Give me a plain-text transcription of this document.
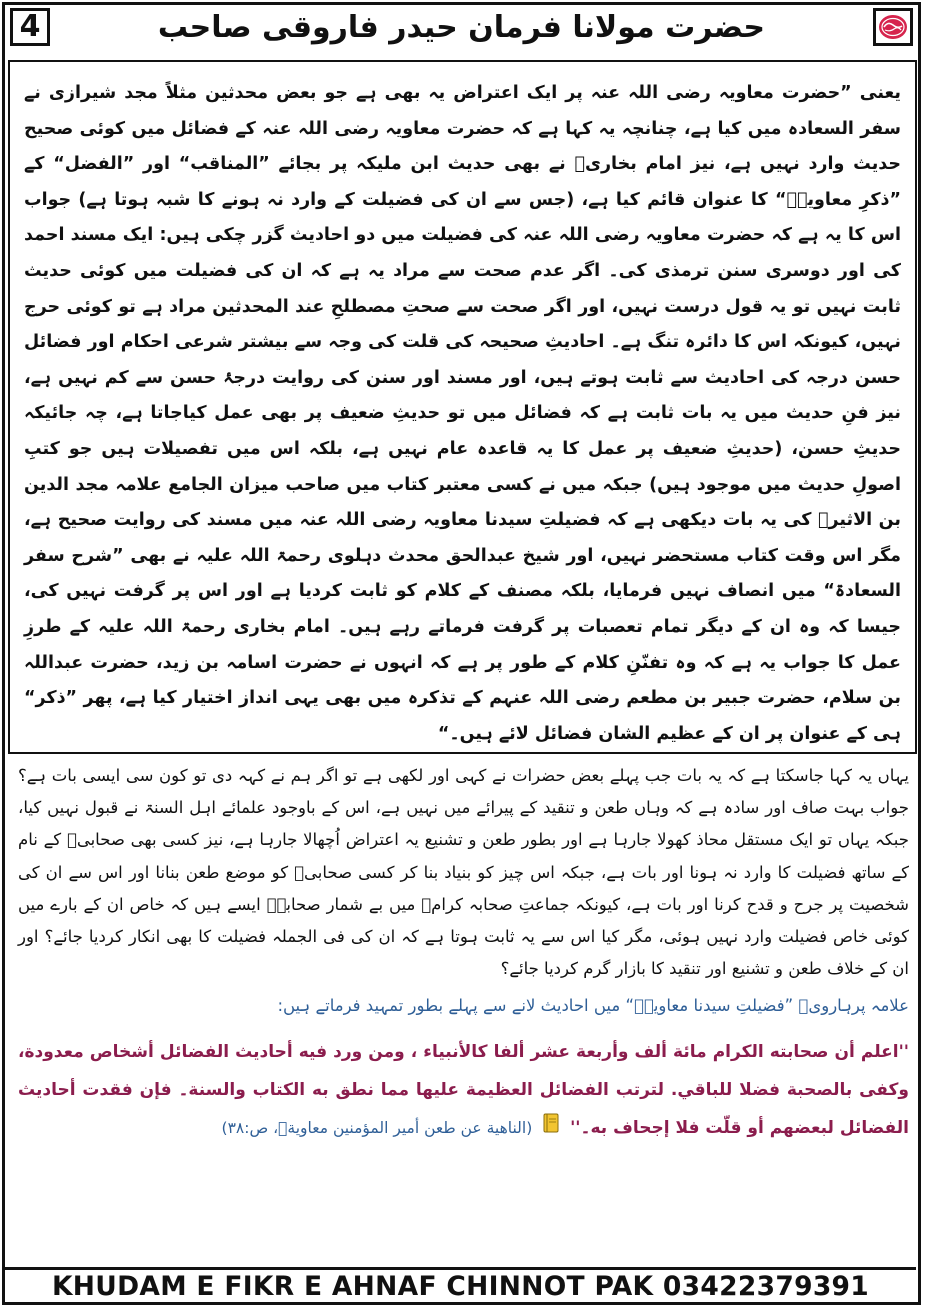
4	حضرت مولانا فرمان حیدر فاروقی صاحب
یعنی ”حضرت معاویہ رضی اللہ عنہ پر ایک اعتراض یہ بھی ہے جو بعض محدثین مثلاً مجد شیرازی نے سفر السعادہ میں کیا ہے، چنانچہ یہ کہا ہے کہ حضرت معاویہ رضی اللہ عنہ کے فضائل میں کوئی صحیح حدیث وارد نہیں ہے، نیز امام بخاریؒ نے بھی حدیث ابن ملیکہ پر بجائے ”المناقب“ اور ”الفضل“ کے ”ذکرِ معاویہؓ“ کا عنوان قائم کیا ہے، (جس سے ان کی فضیلت کے وارد نہ ہونے کا شبہ ہوتا ہے) جواب اس کا یہ ہے کہ حضرت معاویہ رضی اللہ عنہ کی فضیلت میں دو احادیث گزر چکی ہیں: ایک مسند احمد کی اور دوسری سنن ترمذی کی۔ اگر عدم صحت سے مراد یہ ہے کہ ان کی فضیلت میں کوئی حدیث ثابت نہیں تو یہ قول درست نہیں، اور اگر صحت سے صحتِ مصطلحِ عند المحدثین مراد ہے تو کوئی حرج نہیں، کیونکہ اس کا دائرہ تنگ ہے۔ احادیثِ صحیحہ کی قلت کی وجہ سے بیشتر شرعی احکام اور فضائل حسن درجہ کی احادیث سے ثابت ہوتے ہیں، اور مسند اور سنن کی روایت درجۂ حسن سے کم نہیں ہے، نیز فنِ حدیث میں یہ بات ثابت ہے کہ فضائل میں تو حدیثِ ضعیف پر بھی عمل کیاجاتا ہے، چہ جائیکہ حدیثِ حسن، (حدیثِ ضعیف پر عمل کا یہ قاعدہ عام نہیں ہے، بلکہ اس میں تفصیلات ہیں جو کتبِ اصولِ حدیث میں موجود ہیں) جبکہ میں نے کسی معتبر کتاب میں صاحب میزان الجامع علامہ مجد الدین بن الاثیرؒ کی یہ بات دیکھی ہے کہ فضیلتِ سیدنا معاویہ رضی اللہ عنہ میں مسند کی روایت صحیح ہے، مگر اس وقت کتاب مستحضر نہیں، اور شیخ عبدالحق محدث دہلوی رحمۃ اللہ علیہ نے بھی ”شرح سفر السعادۃ“ میں انصاف نہیں فرمایا، بلکہ مصنف کے کلام کو ثابت کردیا ہے اور اس پر گرفت نہیں کی، جیسا کہ وہ ان کے دیگر تمام تعصبات پر گرفت فرماتے رہے ہیں۔ امام بخاری رحمۃ اللہ علیہ کے طرزِ عمل کا جواب یہ ہے کہ وہ تفنّنِ کلام کے طور پر ہے کہ انہوں نے حضرت اسامہ بن زید، حضرت عبداللہ بن سلام، حضرت جبیر بن مطعم رضی اللہ عنہم کے تذکرہ میں بھی یہی انداز اختیار کیا ہے، پھر ”ذکر“ ہی کے عنوان پر ان کے عظیم الشان فضائل لائے ہیں۔“
یہاں یہ کہا جاسکتا ہے کہ یہ بات جب پہلے بعض حضرات نے کہی اور لکھی ہے تو اگر ہم نے کہہ دی تو کون سی ایسی بات ہے؟ جواب بہت صاف اور سادہ ہے کہ وہاں طعن و تنقید کے پیرائے میں نہیں ہے، اس کے باوجود علمائے اہل السنۃ نے قبول نہیں کیا، جبکہ یہاں تو ایک مستقل محاذ کھولا جارہا ہے اور بطور طعن و تشنیع یہ اعتراض اُچھالا جارہا ہے، نیز کسی بھی صحابیؓ کے نام کے ساتھ فضیلت کا وارد نہ ہونا اور بات ہے، جبکہ اس چیز کو بنیاد بنا کر کسی صحابیؓ کو موضع طعن بنانا اور اس سے ان کی شخصیت پر جرح و قدح کرنا اور بات ہے، کیونکہ جماعتِ صحابہ کرامؓ میں بے شمار صحابہؓ ایسے ہیں کہ خاص ان کے بارے میں کوئی خاص فضیلت وارد نہیں ہوئی، مگر کیا اس سے یہ ثابت ہوتا ہے کہ ان کی فی الجملہ فضیلت کا بھی انکار کردیا جائے؟ اور ان کے خلاف طعن و تشنیع اور تنقید کا بازار گرم کردیا جائے؟
علامہ پرہارویؒ ”فضیلتِ سیدنا معاویہؓ“ میں احادیث لانے سے پہلے بطور تمہید فرماتے ہیں:
''اعلم أن صحابته الكرام مائة ألف وأربعة عشر ألفا كالأنبياء ، ومن ورد فيه أحاديث الفضائل أشخاص معدودة، وكفى بالصحبة فضلا للباقي. لترتب الفضائل العظيمة عليها مما نطق به الكتاب والسنة۔ فإن فقدت أحاديث الفضائل لبعضهم أو قلّت فلا إجحاف به۔''  (الناهية عن طعن أمير المؤمنين معاويةؓ، ص:۳۸)
KHUDAM E FIKR E AHNAF CHINNOT PAK 03422379391
